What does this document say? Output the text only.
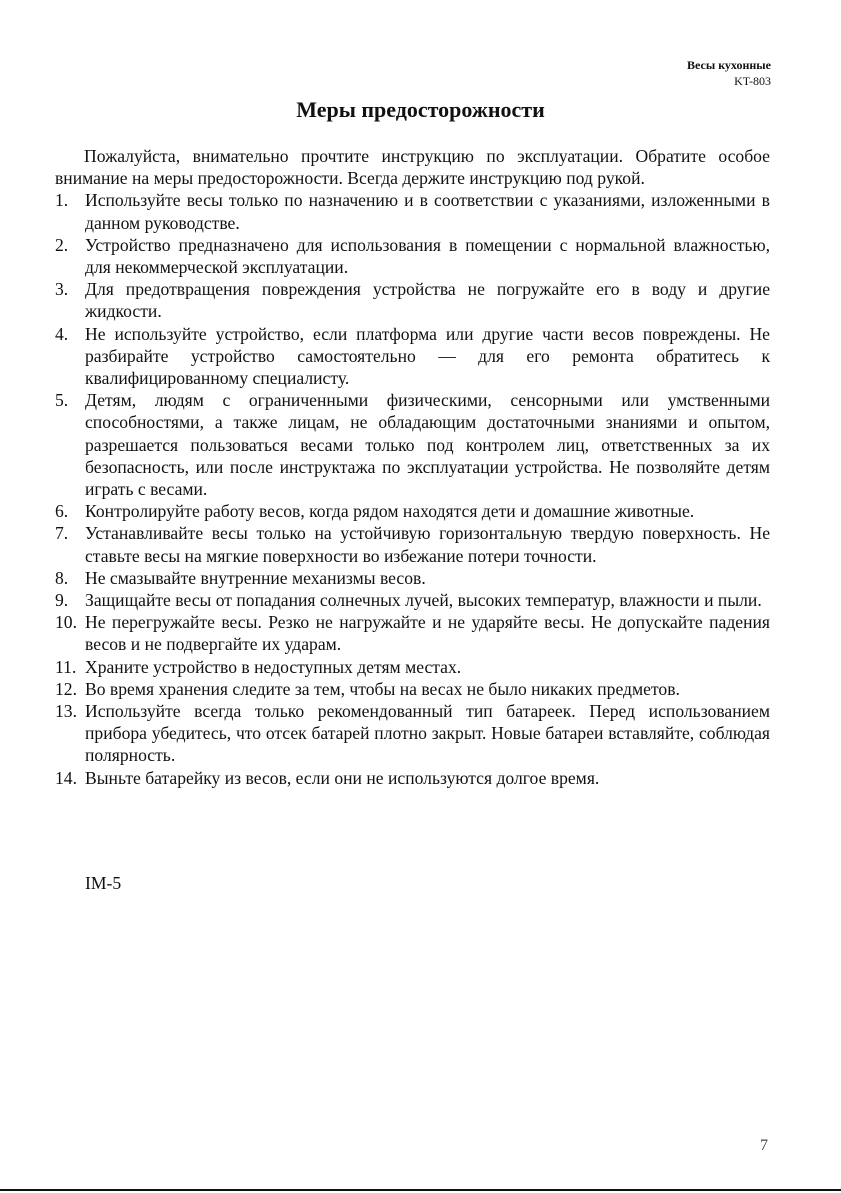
Весы кухонные
KT-803
Меры предосторожности

Пожалуйста, внимательно прочтите инструкцию по эксплуатации. Обратите особое внимание на меры предосторожности. Всегда держите инструкцию под рукой.

1. Используйте весы только по назначению и в соответствии с указаниями, изложенными в данном руководстве.
2. Устройство предназначено для использования в помещении с нормальной влажностью, для некоммерческой эксплуатации.
3. Для предотвращения повреждения устройства не погружайте его в воду и другие жидкости.
4. Не используйте устройство, если платформа или другие части весов повреждены. Не разбирайте устройство самостоятельно — для его ремонта обратитесь к квалифицированному специалисту.
5. Детям, людям с ограниченными физическими, сенсорными или умственными способностями, а также лицам, не обладающим достаточными знаниями и опытом, разрешается пользоваться весами только под контролем лиц, ответственных за их безопасность, или после инструктажа по эксплуатации устройства. Не позволяйте детям играть с весами.
6. Контролируйте работу весов, когда рядом находятся дети и домашние животные.
7. Устанавливайте весы только на устойчивую горизонтальную твердую поверхность. Не ставьте весы на мягкие поверхности во избежание потери точности.
8. Не смазывайте внутренние механизмы весов.
9. Защищайте весы от попадания солнечных лучей, высоких температур, влажности и пыли.
10. Не перегружайте весы. Резко не нагружайте и не ударяйте весы. Не допускайте падения весов и не подвергайте их ударам.
11. Храните устройство в недоступных детям местах.
12. Во время хранения следите за тем, чтобы на весах не было никаких предметов.
13. Используйте всегда только рекомендованный тип батареек. Перед использованием прибора убедитесь, что отсек батарей плотно закрыт. Новые батареи вставляйте, соблюдая полярность.
14. Выньте батарейку из весов, если они не используются долгое время.
IM-5
7
